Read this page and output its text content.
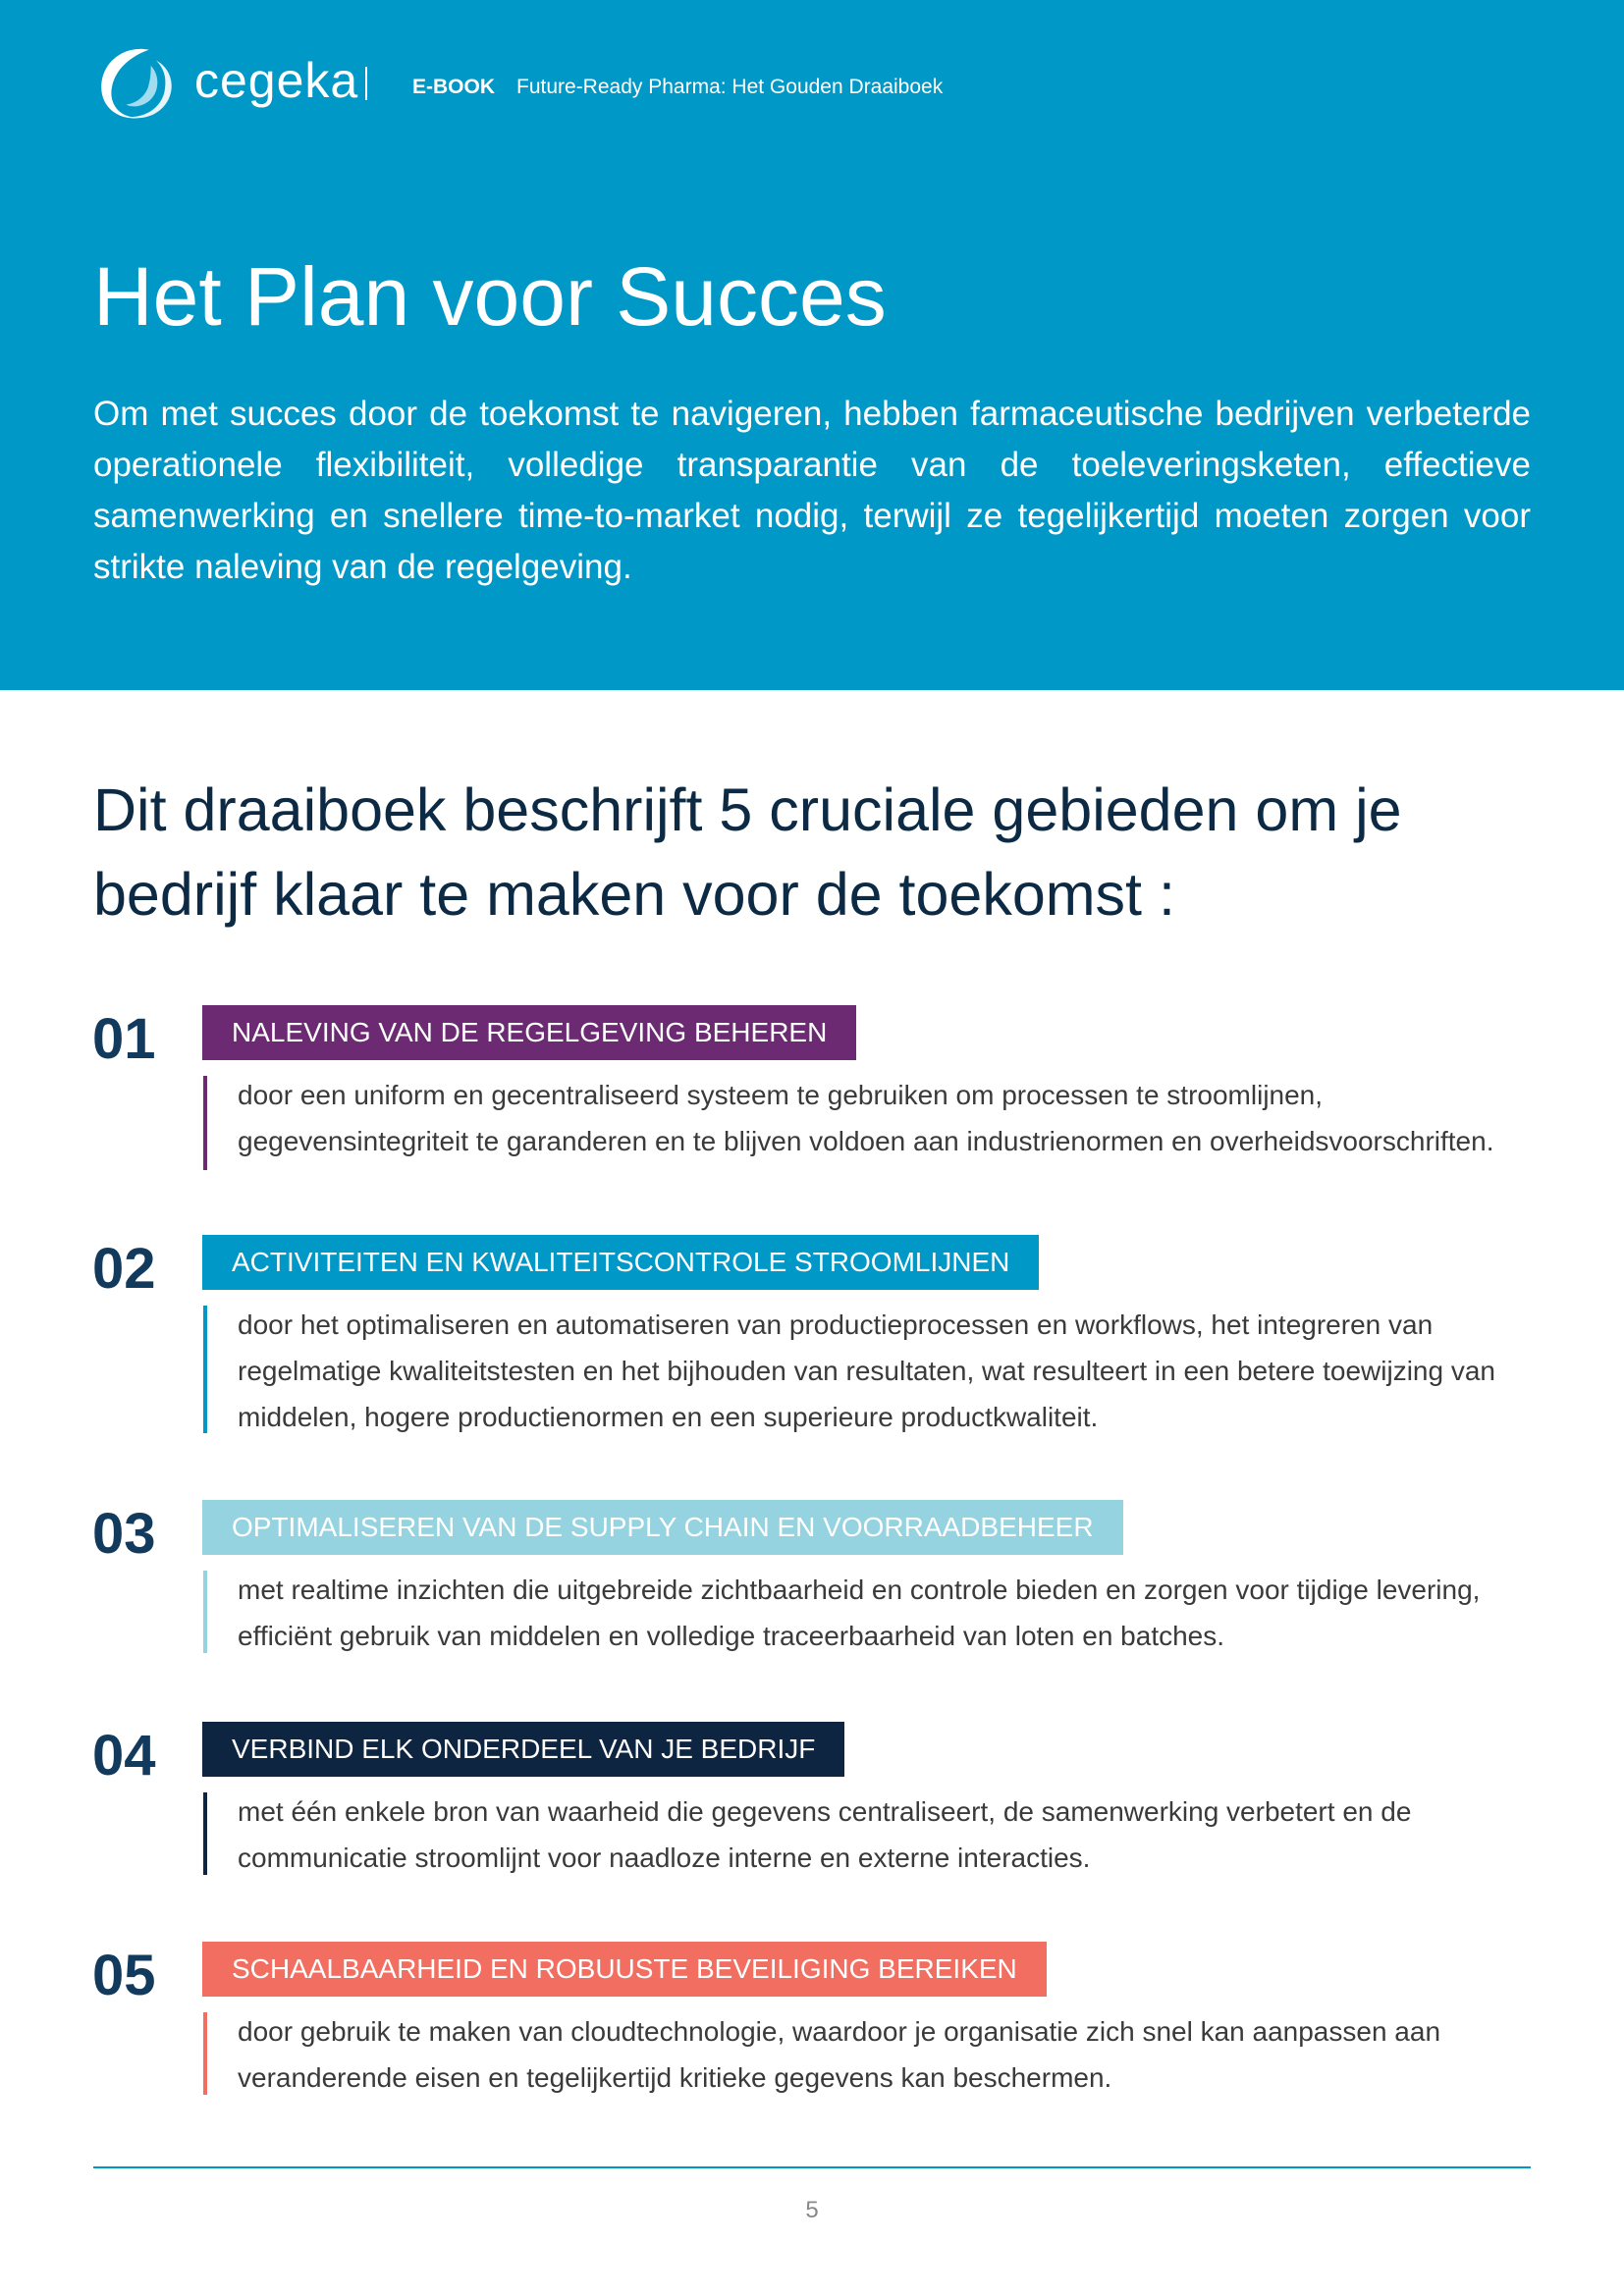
cegeka	E-BOOK Future-Ready Pharma: Het Gouden Draaiboek
Het Plan voor Succes

Om met succes door de toekomst te navigeren, hebben farmaceutische bedrijven verbeterde operationele flexibiliteit, volledige transparantie van de toeleveringsketen, effectieve samenwerking en snellere time-to-market nodig, terwijl ze tegelijkertijd moeten zorgen voor strikte naleving van de regelgeving.

Dit draaiboek beschrijft 5 cruciale gebieden om je bedrijf klaar te maken voor de toekomst :
01	NALEVING VAN DE REGELGEVING BEHEREN

door een uniform en gecentraliseerd systeem te gebruiken om processen te stroomlijnen, gegevensintegriteit te garanderen en te blijven voldoen aan industrienormen en overheidsvoorschriften.

02	ACTIVITEITEN EN KWALITEITSCONTROLE STROOMLIJNEN

door het optimaliseren en automatiseren van productieprocessen en workflows, het integreren van regelmatige kwaliteitstesten en het bijhouden van resultaten, wat resulteert in een betere toewijzing van middelen, hogere productienormen en een superieure productkwaliteit.

03	OPTIMALISEREN VAN DE SUPPLY CHAIN EN VOORRAADBEHEER

met realtime inzichten die uitgebreide zichtbaarheid en controle bieden en zorgen voor tijdige levering, efficiënt gebruik van middelen en volledige traceerbaarheid van loten en batches.

04	VERBIND ELK ONDERDEEL VAN JE BEDRIJF

met één enkele bron van waarheid die gegevens centraliseert, de samenwerking verbetert en de communicatie stroomlijnt voor naadloze interne en externe interacties.

05	SCHAALBAARHEID EN ROBUUSTE BEVEILIGING BEREIKEN

door gebruik te maken van cloudtechnologie, waardoor je organisatie zich snel kan aanpassen aan veranderende eisen en tegelijkertijd kritieke gegevens kan beschermen.

5
